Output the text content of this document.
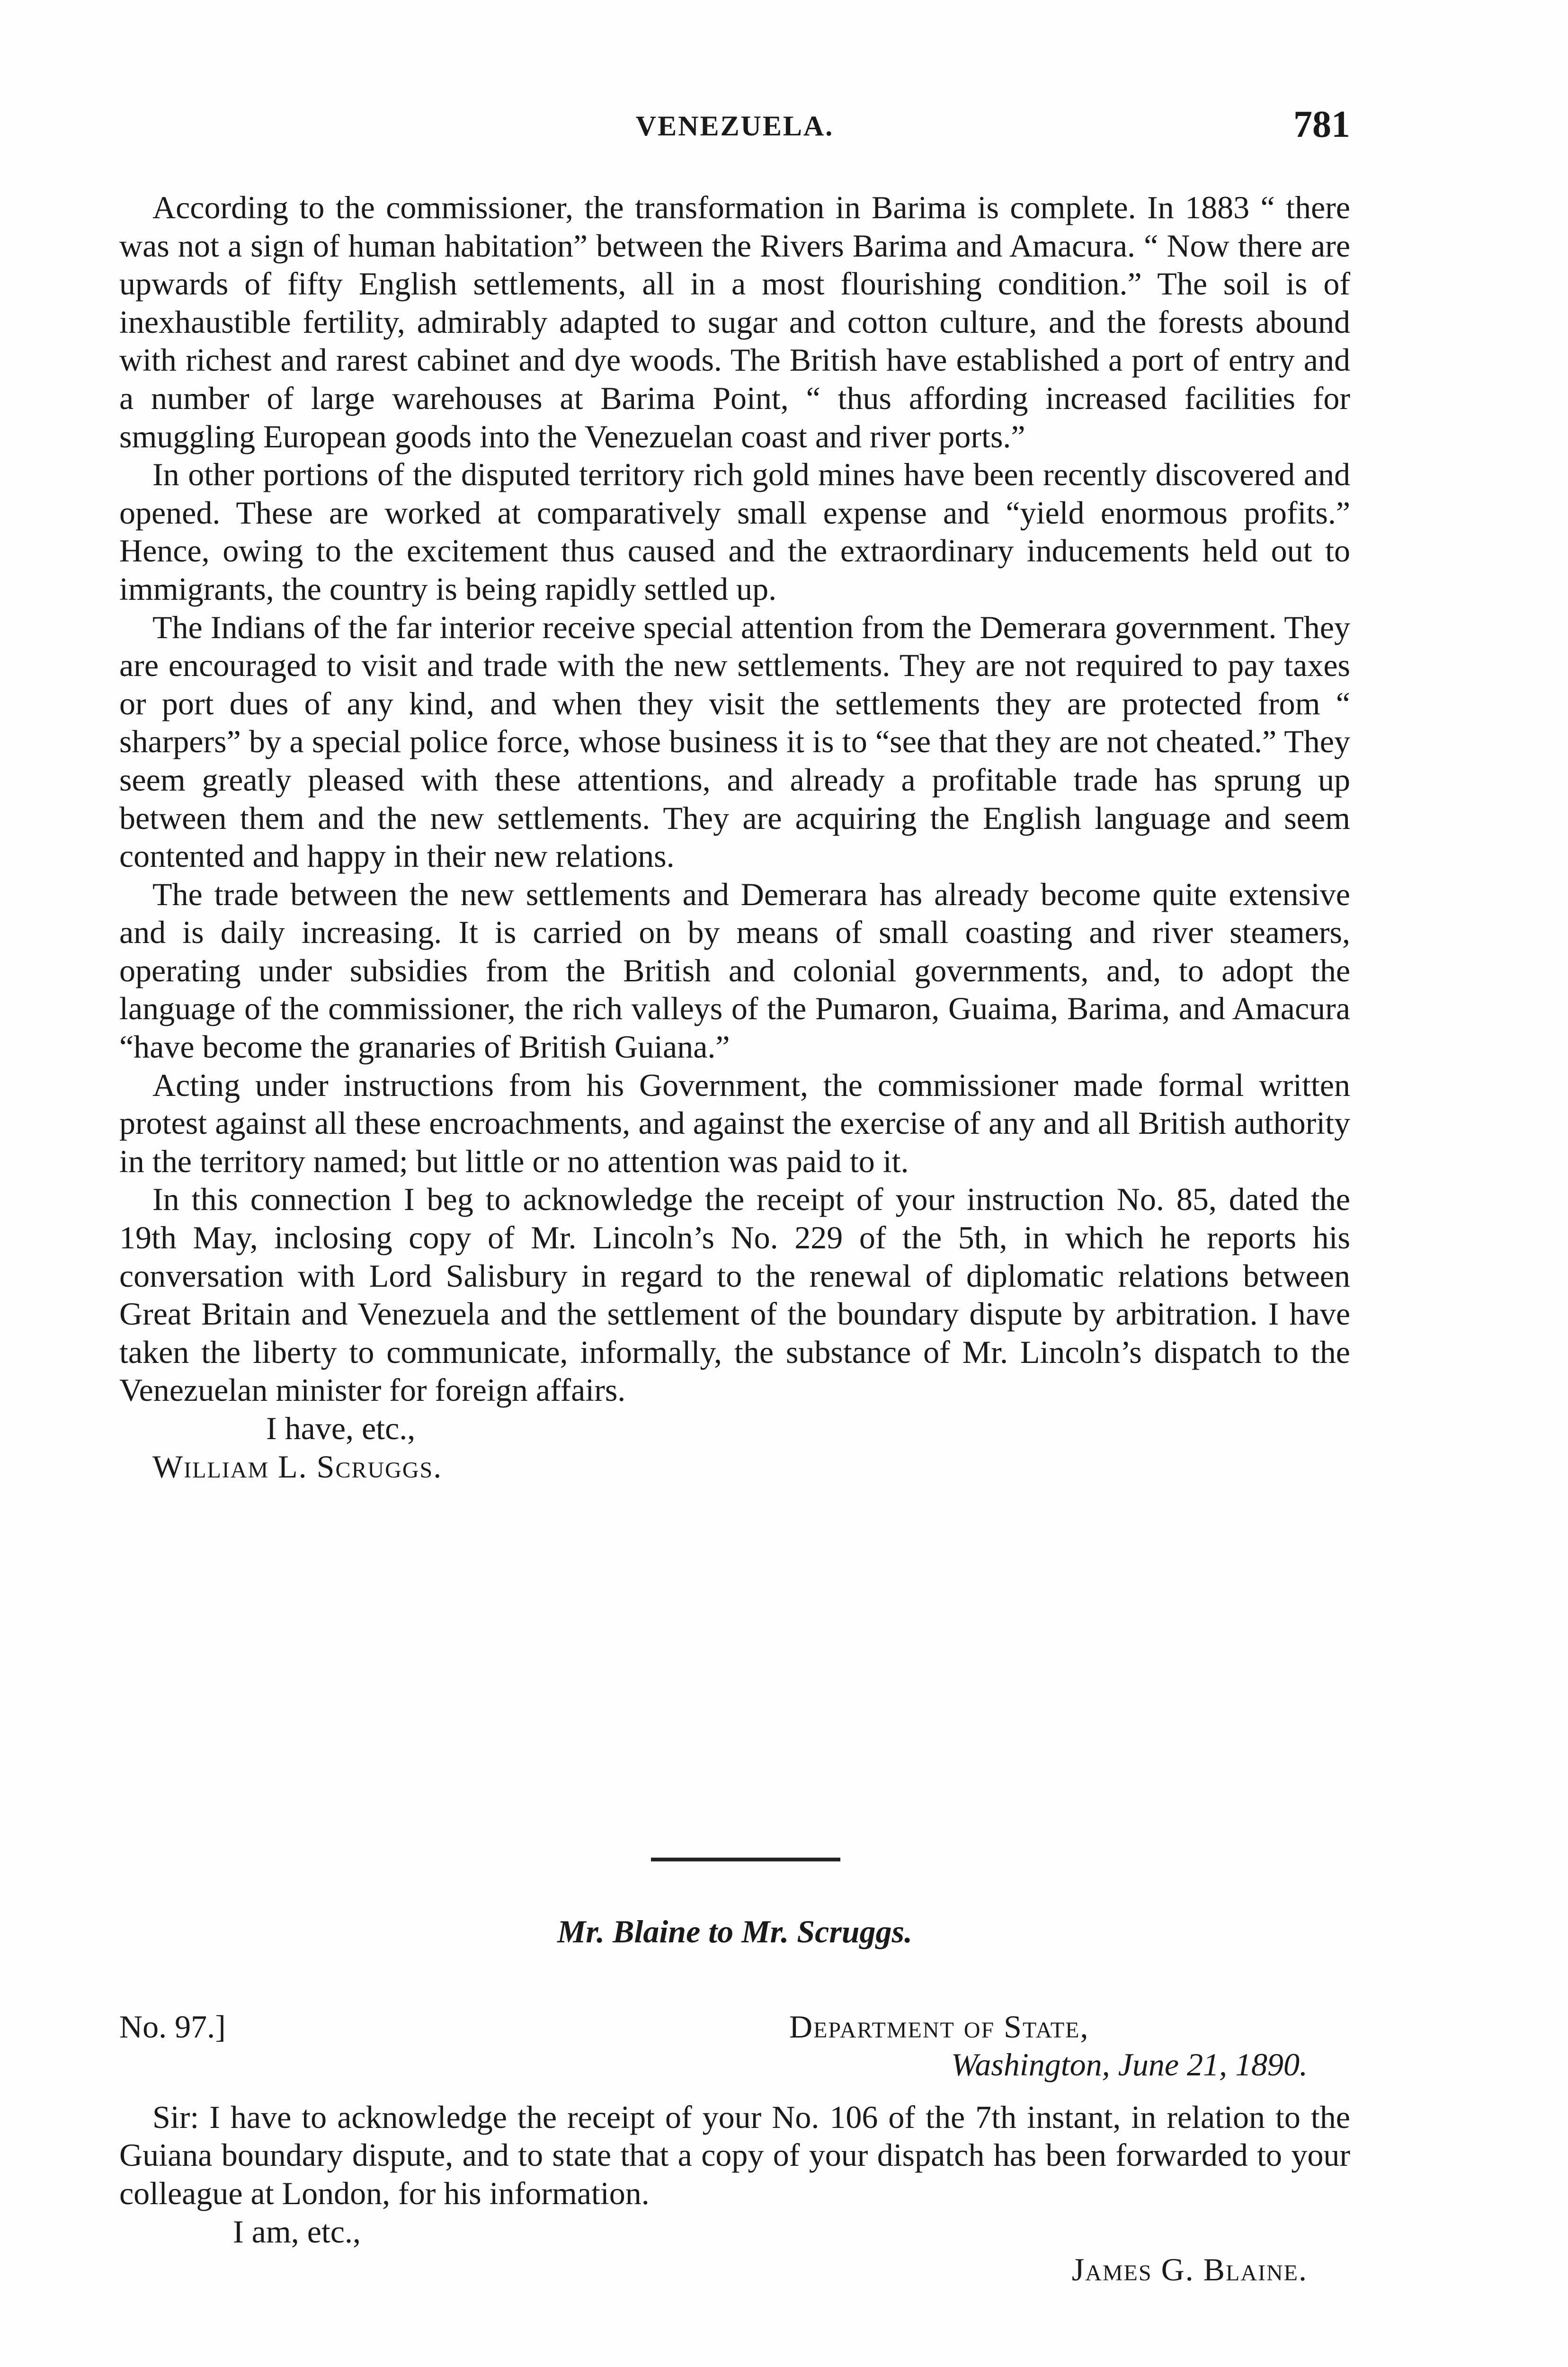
VENEZUELA.	781

According to the commissioner, the transformation in Barima is complete. In 1883 “ there was not a sign of human habitation” between the Rivers Barima and Amacura. “ Now there are upwards of fifty English settlements, all in a most flourishing condition.” The soil is of inexhaustible fertility, admirably adapted to sugar and cotton culture, and the forests abound with richest and rarest cabinet and dye woods. The British have established a port of entry and a number of large warehouses at Barima Point, “ thus affording increased facilities for smuggling European goods into the Venezuelan coast and river ports.”

In other portions of the disputed territory rich gold mines have been recently discovered and opened. These are worked at comparatively small expense and “yield enormous profits.” Hence, owing to the excitement thus caused and the extraordinary inducements held out to immigrants, the country is being rapidly settled up.

The Indians of the far interior receive special attention from the Demerara government. They are encouraged to visit and trade with the new settlements. They are not required to pay taxes or port dues of any kind, and when they visit the settlements they are protected from “ sharpers” by a special police force, whose business it is to “see that they are not cheated.” They seem greatly pleased with these attentions, and already a profitable trade has sprung up between them and the new settlements. They are acquiring the English language and seem contented and happy in their new relations.

The trade between the new settlements and Demerara has already become quite extensive and is daily increasing. It is carried on by means of small coasting and river steamers, operating under subsidies from the British and colonial governments, and, to adopt the language of the commissioner, the rich valleys of the Pumaron, Guaima, Barima, and Amacura “have become the granaries of British Guiana.”

Acting under instructions from his Government, the commissioner made formal written protest against all these encroachments, and against the exercise of any and all British authority in the territory named; but little or no attention was paid to it.

In this connection I beg to acknowledge the receipt of your instruction No. 85, dated the 19th May, inclosing copy of Mr. Lincoln’s No. 229 of the 5th, in which he reports his conversation with Lord Salisbury in regard to the renewal of diplomatic relations between Great Britain and Venezuela and the settlement of the boundary dispute by arbitration. I have taken the liberty to communicate, informally, the substance of Mr. Lincoln’s dispatch to the Venezuelan minister for foreign affairs.

I have, etc.,

William L. Scruggs.

Mr. Blaine to Mr. Scruggs.

No. 97.]	Department of State,

Washington, June 21, 1890.

Sir: I have to acknowledge the receipt of your No. 106 of the 7th instant, in relation to the Guiana boundary dispute, and to state that a copy of your dispatch has been forwarded to your colleague at London, for his information.

I am, etc.,

James G. Blaine.
